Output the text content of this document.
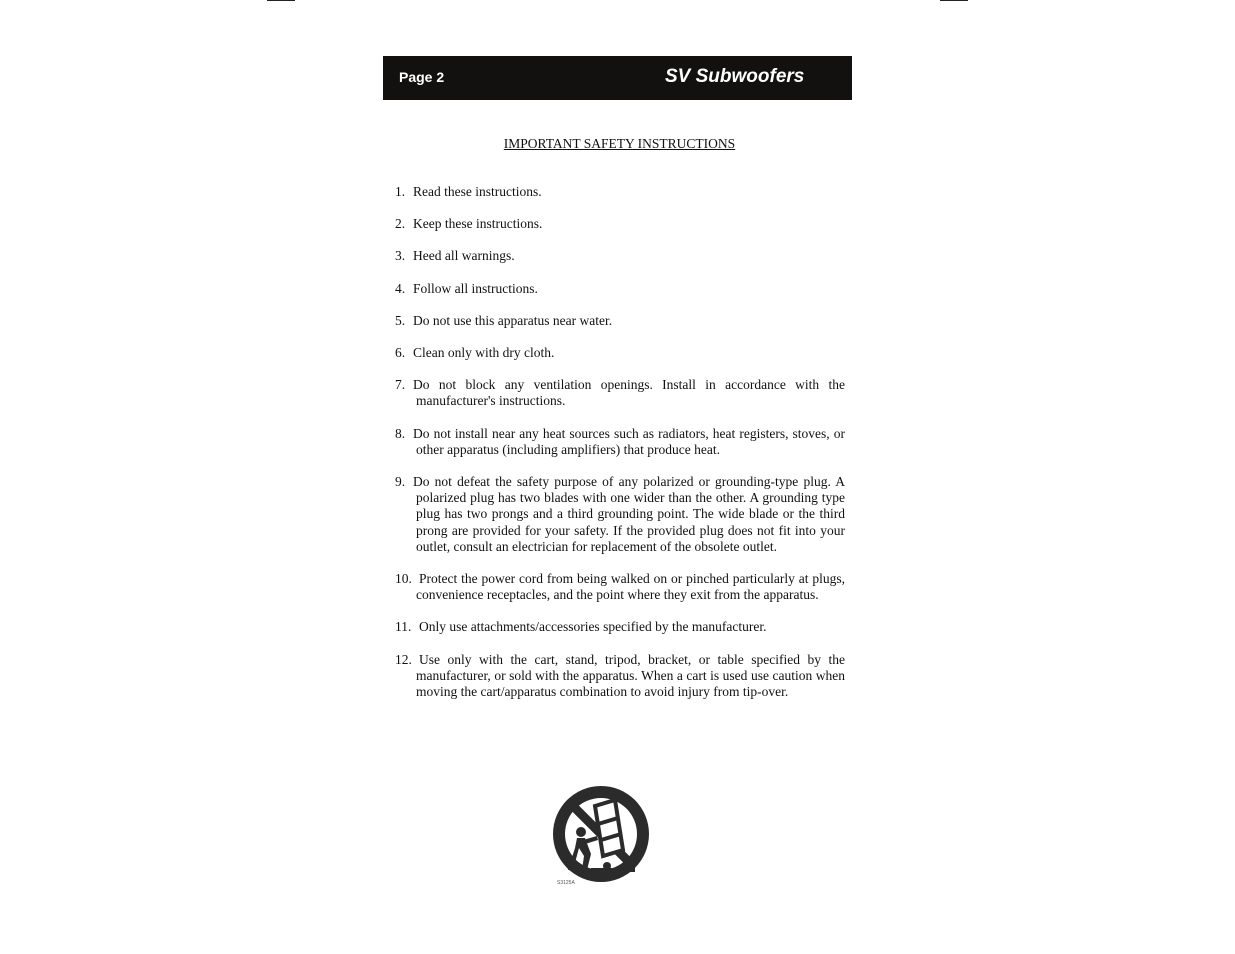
Page 2	SV Subwoofers
IMPORTANT SAFETY INSTRUCTIONS
1. Read these instructions.
2. Keep these instructions.
3. Heed all warnings.
4. Follow all instructions.
5. Do not use this apparatus near water.
6. Clean only with dry cloth.
7. Do not block any ventilation openings. Install in accordance with the manufacturer's instructions.
8. Do not install near any heat sources such as radiators, heat registers, stoves, or other apparatus (including amplifiers) that produce heat.
9. Do not defeat the safety purpose of any polarized or grounding-type plug. A polarized plug has two blades with one wider than the other. A grounding type plug has two prongs and a third grounding point. The wide blade or the third prong are provided for your safety. If the provided plug does not fit into your outlet, consult an electrician for replacement of the obsolete outlet.
10. Protect the power cord from being walked on or pinched particularly at plugs, convenience receptacles, and the point where they exit from the apparatus.
11. Only use attachments/accessories specified by the manufacturer.
12. Use only with the cart, stand, tripod, bracket, or table specified by the manufacturer, or sold with the apparatus. When a cart is used use caution when moving the cart/apparatus combination to avoid injury from tip-over.
S3125A
